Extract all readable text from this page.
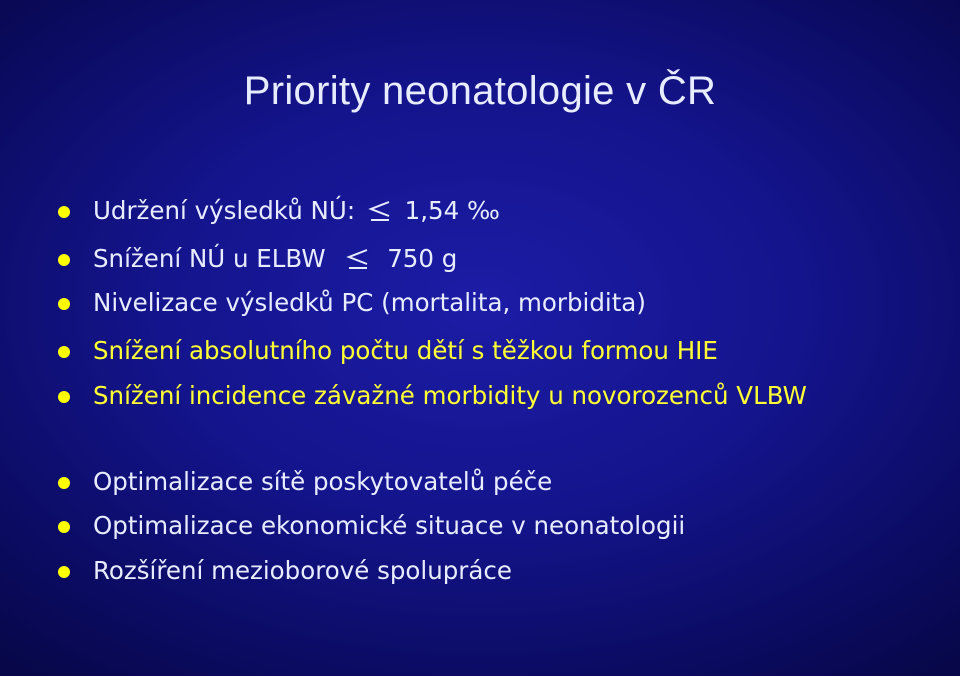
Priority neonatologie v ČR
Udržení výsledků NÚ: 1,54 ‰
Snížení NÚ u ELBW	750 g
Nivelizace výsledků PC (mortalita, morbidita)
Snížení absolutního počtu dětí s těžkou formou HIE
Snížení incidence závažné morbidity u novorozenců VLBW
Optimalizace sítě poskytovatelů péče
Optimalizace ekonomické situace v neonatologii
Rozšíření mezioborové spolupráce
